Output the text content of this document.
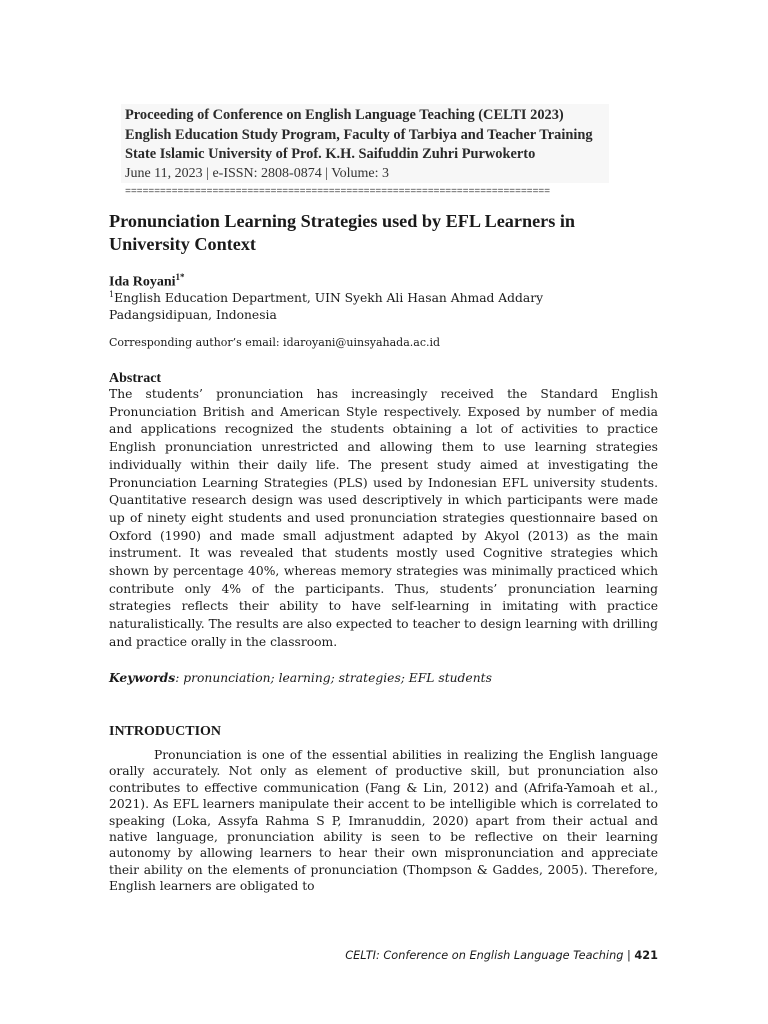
Proceeding of Conference on English Language Teaching (CELTI 2023)
English Education Study Program, Faculty of Tarbiya and Teacher Training
State Islamic University of Prof. K.H. Saifuddin Zuhri Purwokerto
June 11, 2023 | e-ISSN: 2808-0874 | Volume: 3
=========================================================================
Pronunciation Learning Strategies used by EFL Learners in University Context
Ida Royani$^{1*}$
$^1$English Education Department, UIN Syekh Ali Hasan Ahmad Addary Padangsidipuan, Indonesia
Corresponding author’s email: idaroyani@uinsyahada.ac.id
Abstract
The students’ pronunciation has increasingly received the Standard English Pronunciation British and American Style respectively. Exposed by number of media and applications recognized the students obtaining a lot of activities to practice English pronunciation unrestricted and allowing them to use learning strategies individually within their daily life. The present study aimed at investigating the Pronunciation Learning Strategies (PLS) used by Indonesian EFL university students. Quantitative research design was used descriptively in which participants were made up of ninety eight students and used pronunciation strategies questionnaire based on Oxford (1990) and made small adjustment adapted by Akyol (2013) as the main instrument. It was revealed that students mostly used Cognitive strategies which shown by percentage 40%, whereas memory strategies was minimally practiced which contribute only 4% of the participants. Thus, students’ pronunciation learning strategies reflects their ability to have self-learning in imitating with practice naturalistically. The results are also expected to teacher to design learning with drilling and practice orally in the classroom.
Keywords: pronunciation; learning; strategies; EFL students
INTRODUCTION
Pronunciation is one of the essential abilities in realizing the English language orally accurately. Not only as element of productive skill, but pronunciation also contributes to effective communication (Fang & Lin, 2012) and (Afrifa-Yamoah et al., 2021). As EFL learners manipulate their accent to be intelligible which is correlated to speaking (Loka, Assyfa Rahma S P, Imranuddin, 2020) apart from their actual and native language, pronunciation ability is seen to be reflective on their learning autonomy by allowing learners to hear their own mispronunciation and appreciate their ability on the elements of pronunciation (Thompson & Gaddes, 2005). Therefore, English learners are obligated to
CELTI: Conference on English Language Teaching | 421
